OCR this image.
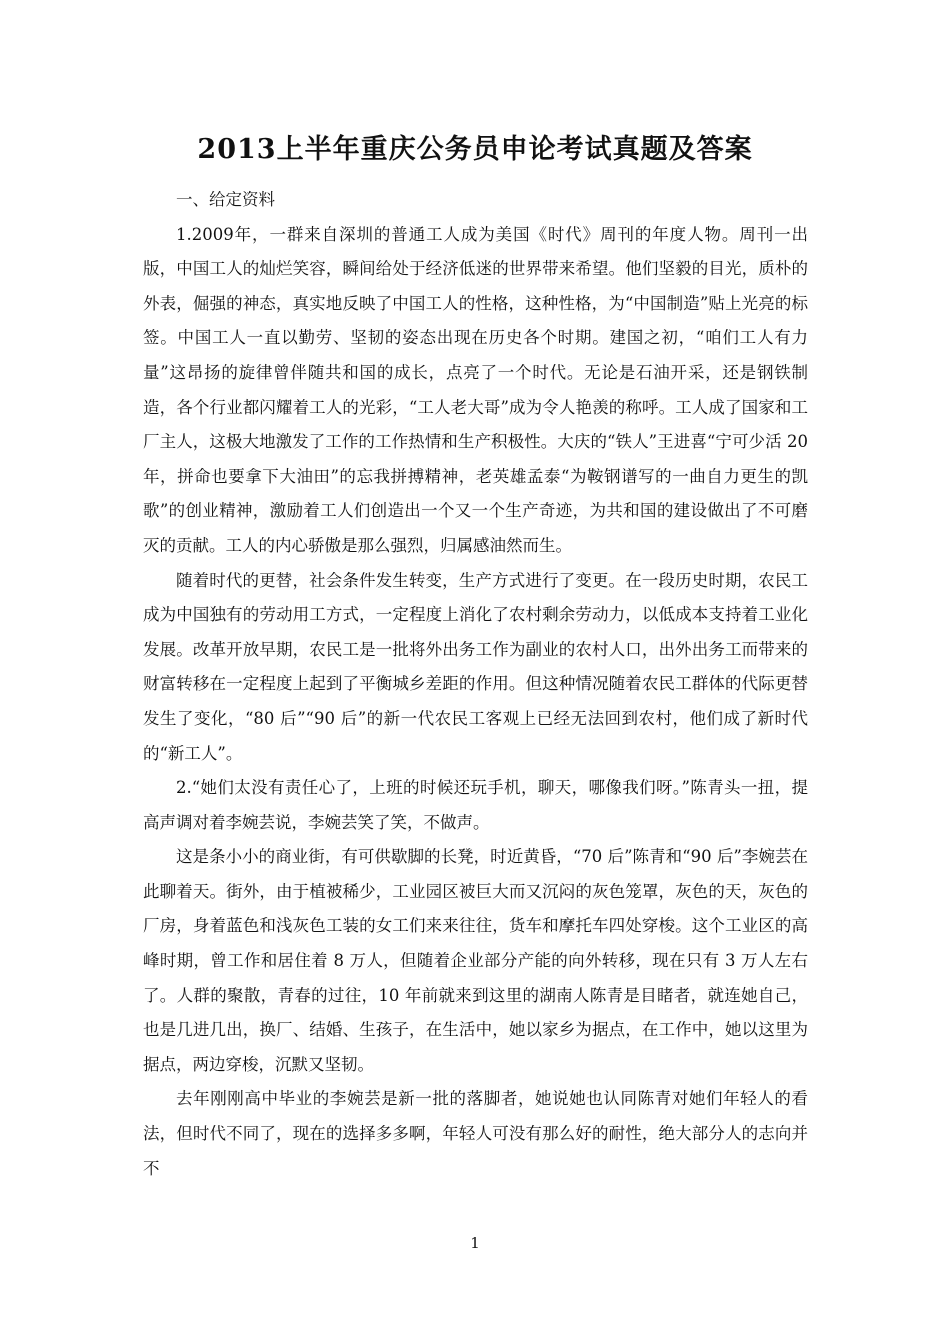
2013上半年重庆公务员申论考试真题及答案

一、给定资料

1.2009年，一群来自深圳的普通工人成为美国《时代》周刊的年度人物。周刊一出版，中国工人的灿烂笑容，瞬间给处于经济低迷的世界带来希望。他们坚毅的目光，质朴的外表，倔强的神态，真实地反映了中国工人的性格，这种性格，为“中国制造”贴上光亮的标签。中国工人一直以勤劳、坚韧的姿态出现在历史各个时期。建国之初，“咱们工人有力量”这昂扬的旋律曾伴随共和国的成长，点亮了一个时代。无论是石油开采，还是钢铁制造，各个行业都闪耀着工人的光彩，“工人老大哥”成为令人艳羡的称呼。工人成了国家和工厂主人，这极大地激发了工作的工作热情和生产积极性。大庆的“铁人”王进喜“宁可少活 20 年，拼命也要拿下大油田”的忘我拼搏精神，老英雄孟泰“为鞍钢谱写的一曲自力更生的凯歌”的创业精神，激励着工人们创造出一个又一个生产奇迹，为共和国的建设做出了不可磨灭的贡献。工人的内心骄傲是那么强烈，归属感油然而生。

随着时代的更替，社会条件发生转变，生产方式进行了变更。在一段历史时期，农民工成为中国独有的劳动用工方式，一定程度上消化了农村剩余劳动力，以低成本支持着工业化发展。改革开放早期，农民工是一批将外出务工作为副业的农村人口，出外出务工而带来的财富转移在一定程度上起到了平衡城乡差距的作用。但这种情况随着农民工群体的代际更替发生了变化，“80 后”“90 后”的新一代农民工客观上已经无法回到农村，他们成了新时代的“新工人”。

2.“她们太没有责任心了，上班的时候还玩手机，聊天，哪像我们呀。”陈青头一扭，提高声调对着李婉芸说，李婉芸笑了笑，不做声。

这是条小小的商业街，有可供歇脚的长凳，时近黄昏，“70 后”陈青和“90 后”李婉芸在此聊着天。街外，由于植被稀少，工业园区被巨大而又沉闷的灰色笼罩，灰色的天，灰色的厂房，身着蓝色和浅灰色工装的女工们来来往往，货车和摩托车四处穿梭。这个工业区的高峰时期，曾工作和居住着 8 万人，但随着企业部分产能的向外转移，现在只有 3 万人左右了。人群的聚散，青春的过往，10 年前就来到这里的湖南人陈青是目睹者，就连她自己，也是几进几出，换厂、结婚、生孩子，在生活中，她以家乡为据点，在工作中，她以这里为据点，两边穿梭，沉默又坚韧。

去年刚刚高中毕业的李婉芸是新一批的落脚者，她说她也认同陈青对她们年轻人的看法，但时代不同了，现在的选择多多啊，年轻人可没有那么好的耐性，绝大部分人的志向并不

1
